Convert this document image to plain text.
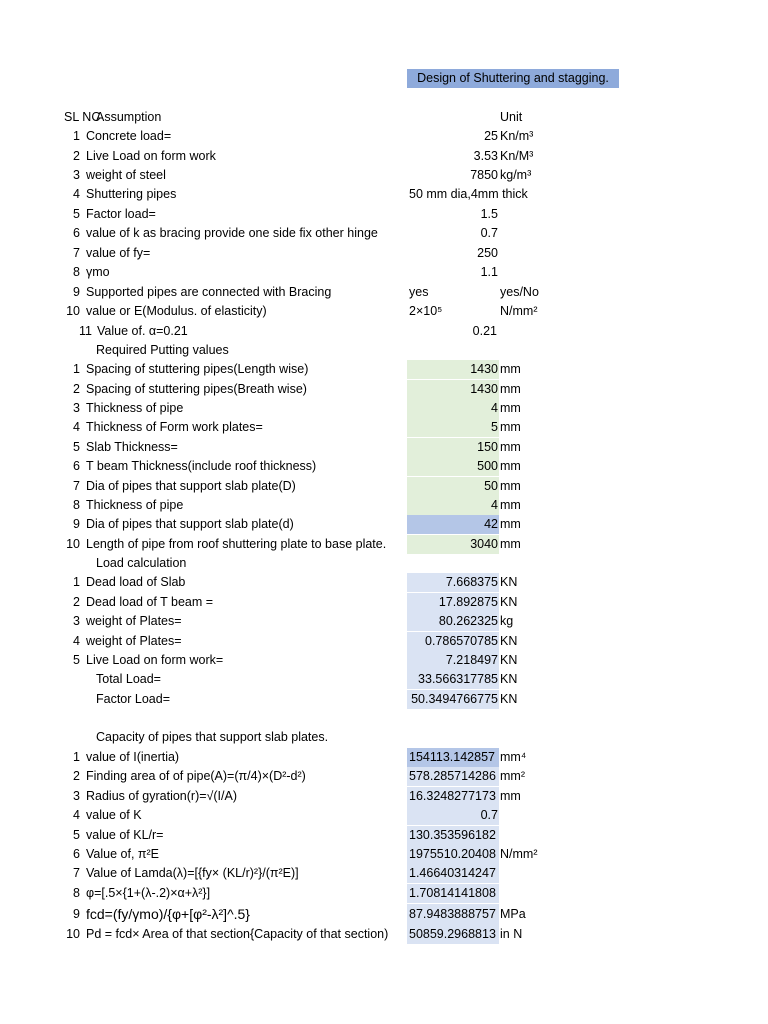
Design of Shuttering and stagging.
SL NC
Assumption	Unit
1 Concrete load=	25 Kn/m³
2 Live Load on form work	3.53 Kn/M³
3 weight of steel	7850 kg/m³
4 Shuttering pipes	50 mm dia,4mm thick
5 Factor load=	1.5
6 value of k as bracing provide one side fix other hinge	0.7
7 value of fy=	250
8 γmo	1.1
9 Supported pipes are connected with Bracing	yes	yes/No
10 value or E(Modulus. of elasticity)	2×10⁵	N/mm²
11 Value of. α=0.21	0.21
Required Putting values
1 Spacing of stuttering pipes(Length wise)	1430 mm
2 Spacing of stuttering pipes(Breath wise)	1430 mm
3 Thickness of pipe	4 mm
4 Thickness of Form work plates=	5 mm
5 Slab Thickness=	150 mm
6 T beam Thickness(include roof thickness)	500 mm
7 Dia of pipes that support slab plate(D)	50 mm
8 Thickness of pipe	4 mm
9 Dia of pipes that support slab plate(d)	42 mm
10 Length of pipe from roof shuttering plate to base plate.	3040 mm
Load calculation
1 Dead load of Slab	7.668375 KN
2 Dead load of T beam =	17.892875 KN
3 weight of Plates=	80.262325 kg
4 weight of Plates=	0.786570785 KN
5 Live Load on form work=	7.218497 KN
Total Load=	33.566317785 KN
Factor Load=	50.3494766775 KN
Capacity of pipes that support slab plates.
1 value of I(inertia)	154113.142857 mm⁴
2 Finding area of of pipe(A)=(π/4)×(D²-d²)	578.285714286 mm²
3 Radius of gyration(r)=√(I/A)	16.3248277173 mm
4 value of K	0.7
5 value of KL/r=	130.353596182
6 Value of, π²E	1975510.20408 N/mm²
7 Value of Lamda(λ)=[{fy× (KL/r)²}/(π²E)]	1.46640314247
8 φ=[.5×{1+(λ-.2)×α+λ²}]	1.70814141808
9 fcd=(fy/γmo)/{φ+[φ²-λ²]^.5}	87.9483888757 MPa
10 Pd = fcd× Area of that section{Capacity of that section) 50859.2968813 in N
